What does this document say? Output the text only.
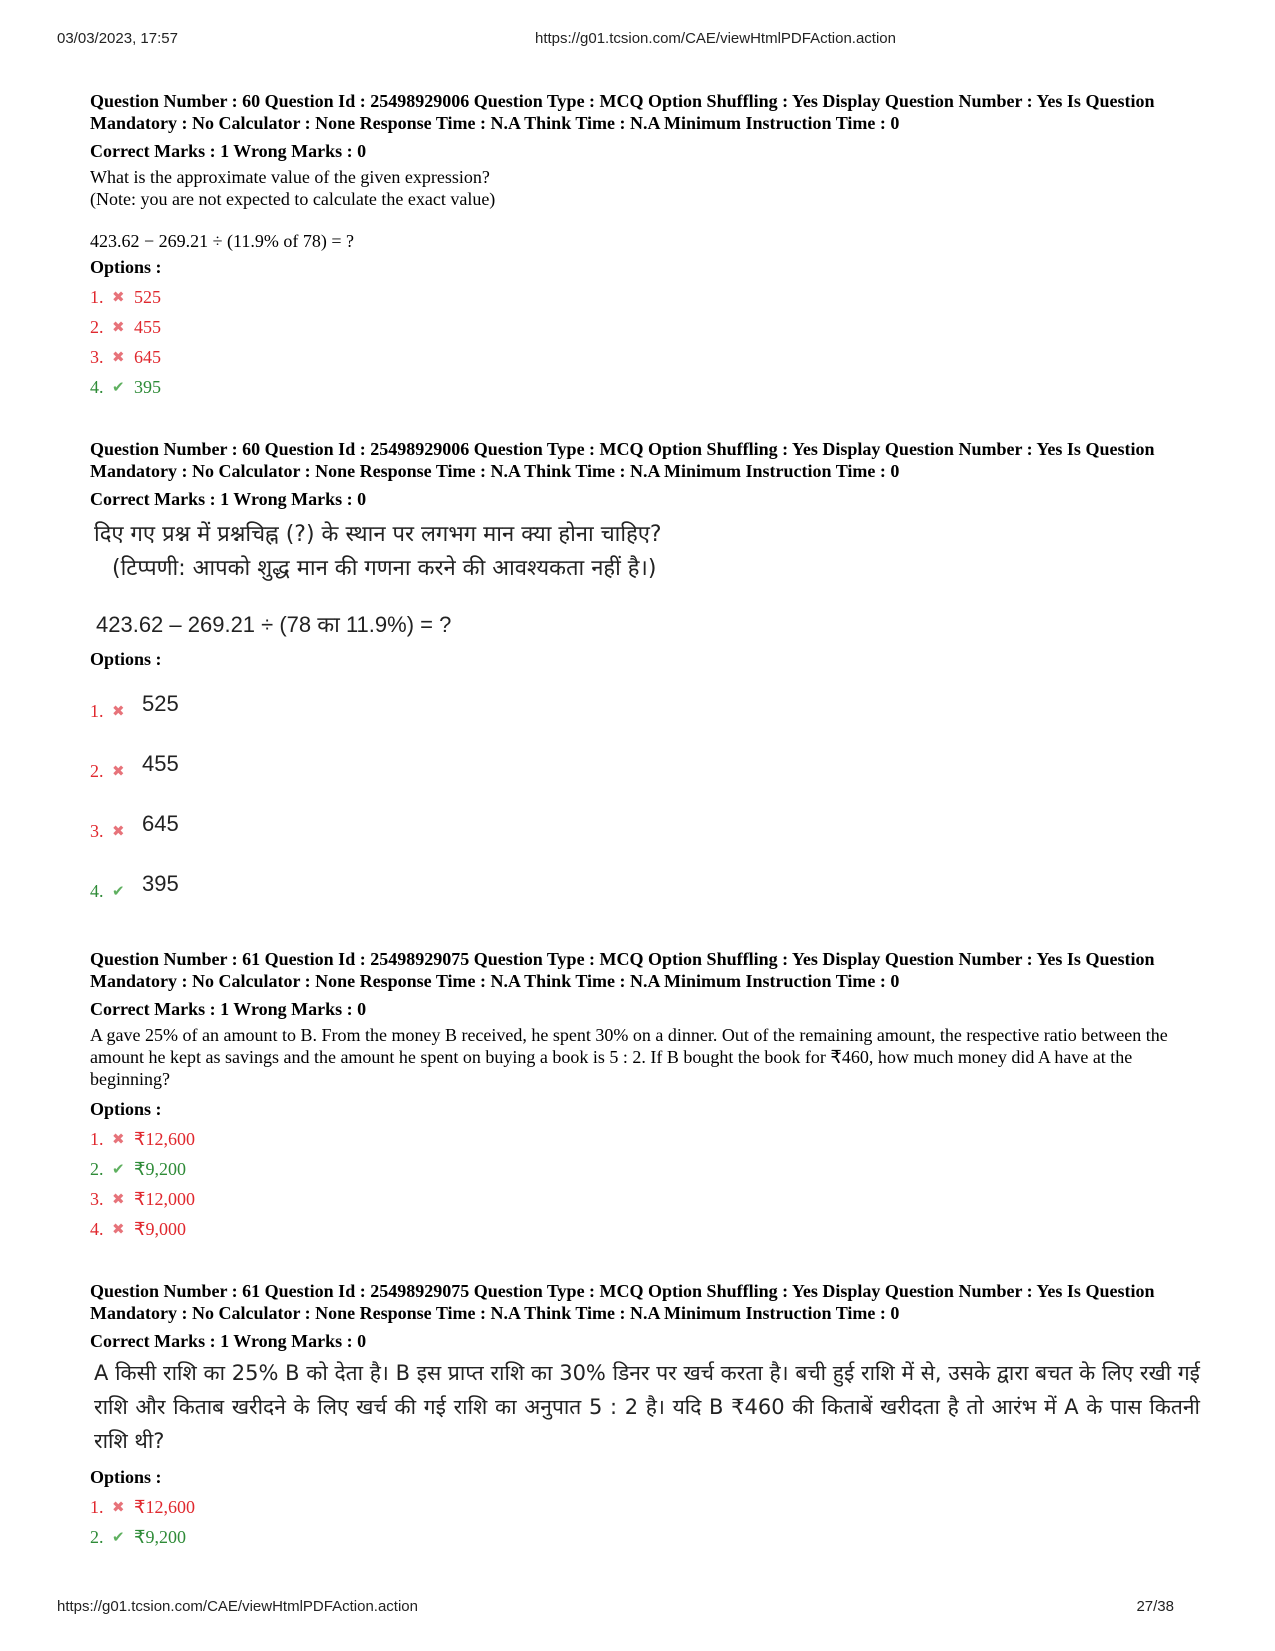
03/03/2023, 17:57	https://g01.tcsion.com/CAE/viewHtmlPDFAction.action

Question Number : 60 Question Id : 25498929006 Question Type : MCQ Option Shuffling : Yes Display Question Number : Yes Is Question Mandatory : No Calculator : None Response Time : N.A Think Time : N.A Minimum Instruction Time : 0

Correct Marks : 1 Wrong Marks : 0

What is the approximate value of the given expression?
(Note: you are not expected to calculate the exact value)

423.62 − 269.21 ÷ (11.9% of 78) = ?

Options :

1. ✖ 525
2. ✖ 455
3. ✖ 645
4. ✔ 395

Question Number : 60 Question Id : 25498929006 Question Type : MCQ Option Shuffling : Yes Display Question Number : Yes Is Question Mandatory : No Calculator : None Response Time : N.A Think Time : N.A Minimum Instruction Time : 0

Correct Marks : 1 Wrong Marks : 0

दिए गए प्रश्न में प्रश्नचिह्न (?) के स्थान पर लगभग मान क्या होना चाहिए?
(टिप्पणी: आपको शुद्ध मान की गणना करने की आवश्यकता नहीं है।)
423.62 – 269.21 ÷ (78 का 11.9%) = ?

Options :

1. ✖ 525
2. ✖ 455
3. ✖ 645
4. ✔ 395

Question Number : 61 Question Id : 25498929075 Question Type : MCQ Option Shuffling : Yes Display Question Number : Yes Is Question Mandatory : No Calculator : None Response Time : N.A Think Time : N.A Minimum Instruction Time : 0

Correct Marks : 1 Wrong Marks : 0

A gave 25% of an amount to B. From the money B received, he spent 30% on a dinner. Out of the remaining amount, the respective ratio between the amount he kept as savings and the amount he spent on buying a book is 5 : 2. If B bought the book for ₹460, how much money did A have at the beginning?

Options :

1. ✖ ₹12,600
2. ✔ ₹9,200
3. ✖ ₹12,000
4. ✖ ₹9,000

Question Number : 61 Question Id : 25498929075 Question Type : MCQ Option Shuffling : Yes Display Question Number : Yes Is Question Mandatory : No Calculator : None Response Time : N.A Think Time : N.A Minimum Instruction Time : 0

Correct Marks : 1 Wrong Marks : 0

A किसी राशि का 25% B को देता है। B इस प्राप्त राशि का 30% डिनर पर खर्च करता है। बची हुई राशि में से, उसके द्वारा बचत के लिए रखी गई राशि और किताब खरीदने के लिए खर्च की गई राशि का अनुपात 5 : 2 है। यदि B ₹460 की किताबें खरीदता है तो आरंभ में A के पास कितनी राशि थी?

Options :

1. ✖ ₹12,600
2. ✔ ₹9,200
https://g01.tcsion.com/CAE/viewHtmlPDFAction.action	27/38
